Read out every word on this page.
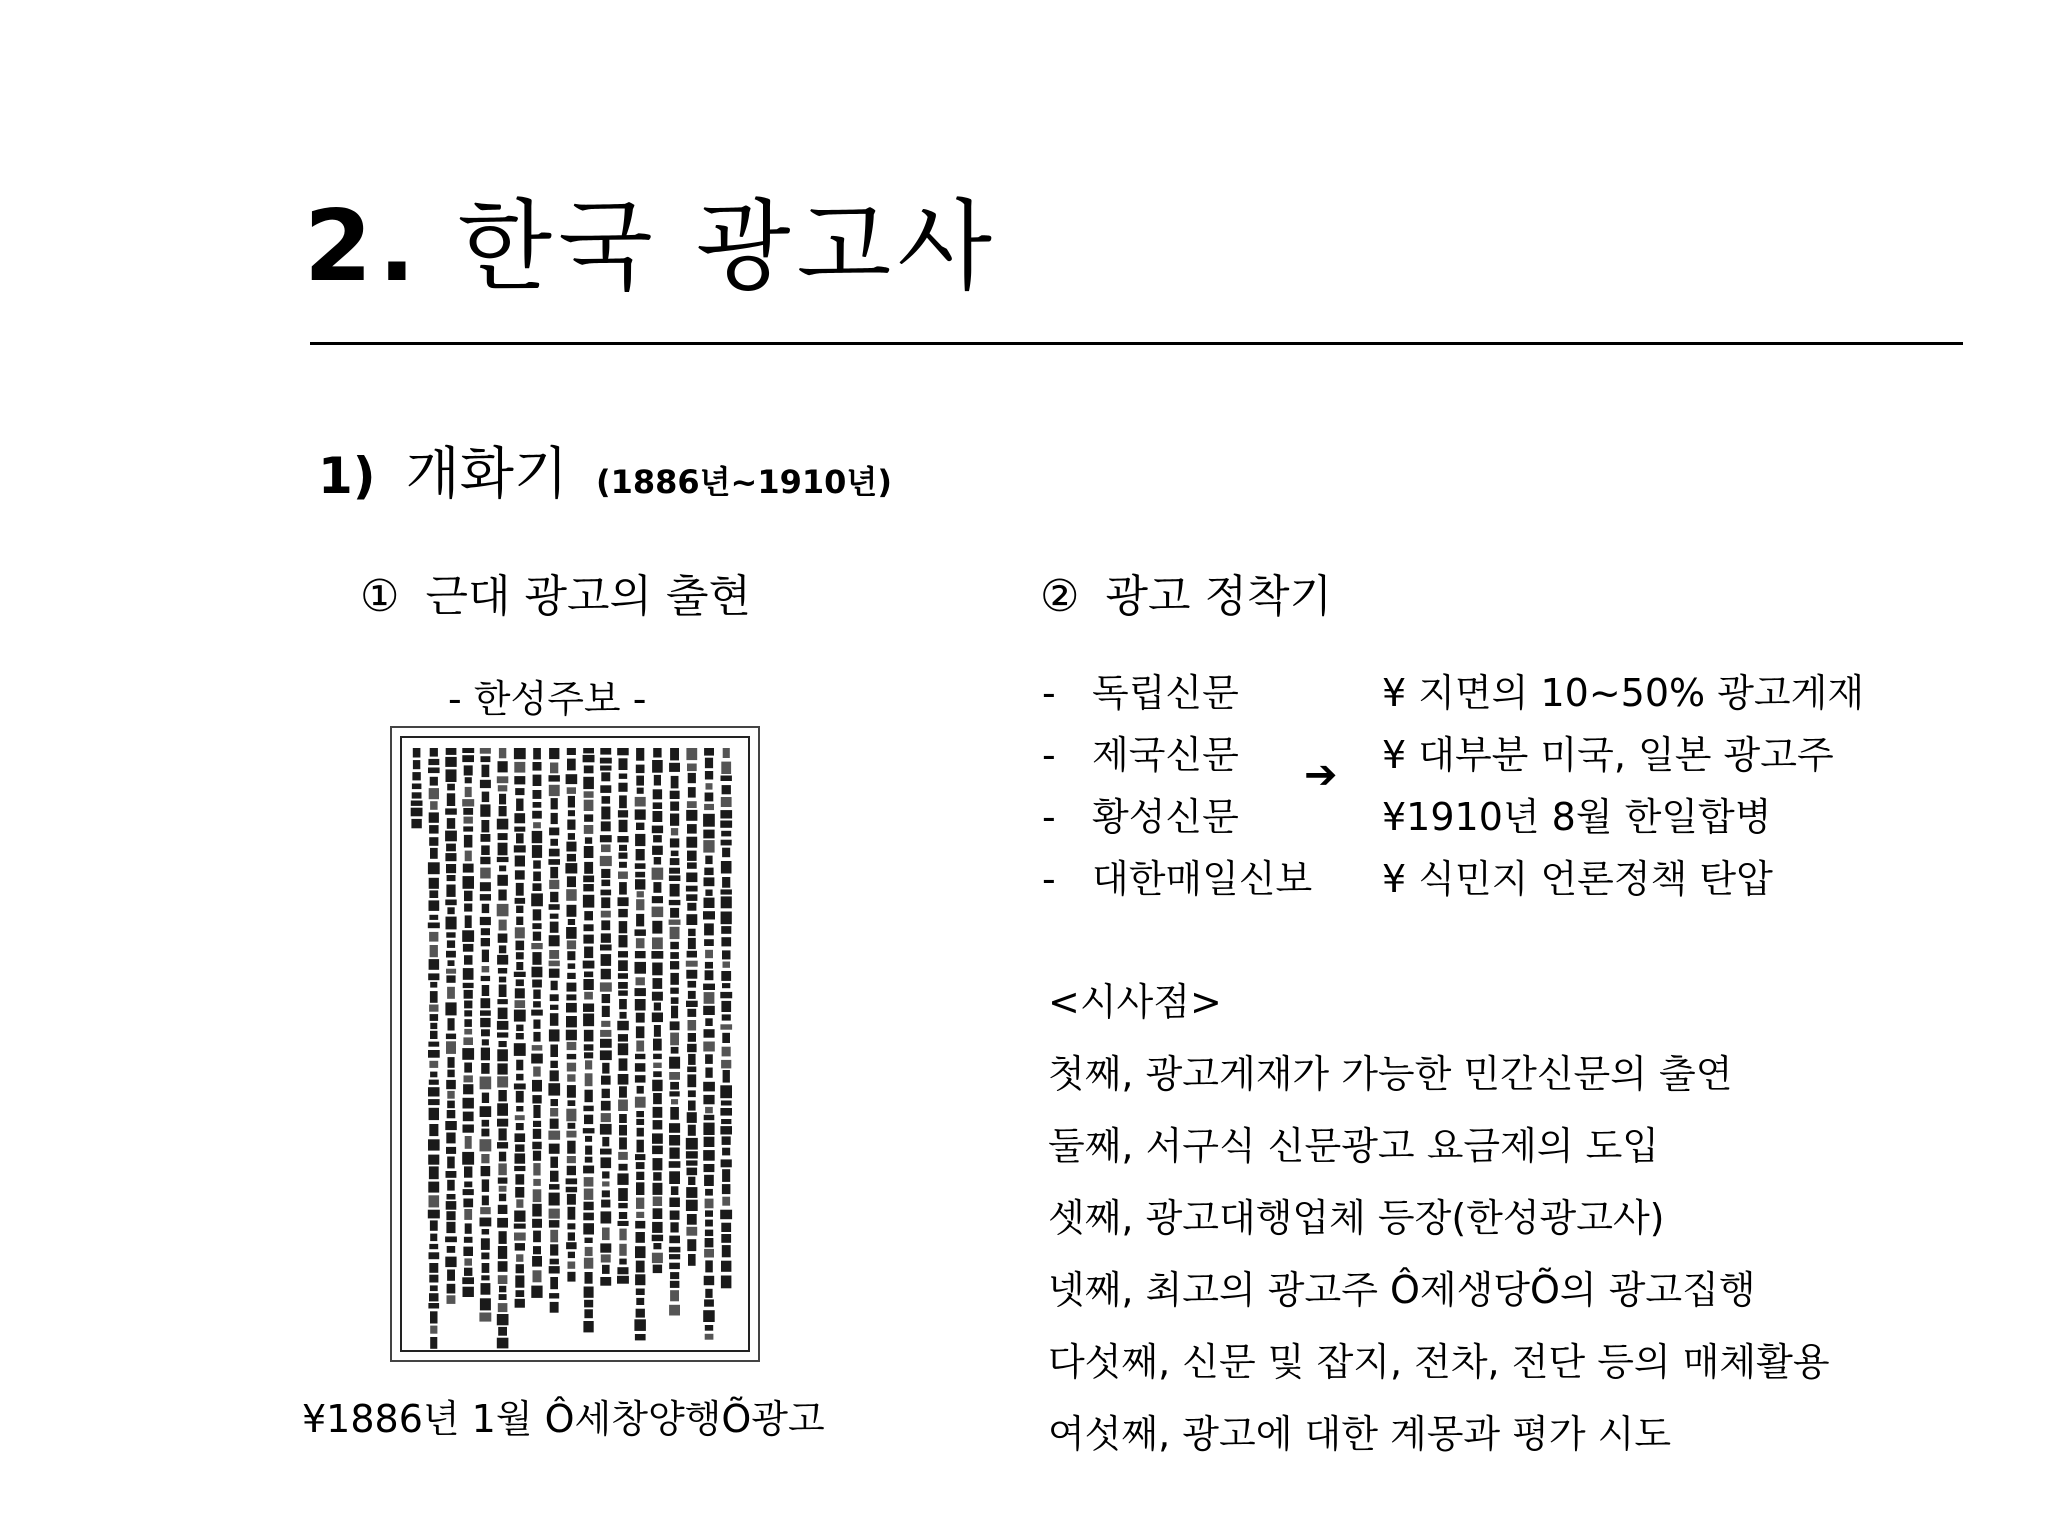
2. 한국 광고사
1) 개화기 (1886년~1910년)
① 근대 광고의 출현	② 광고 정착기
- 한성주보 -
¥1886년 1월 Ô세창양행Õ광고
- 독립신문
- 제국신문
- 황성신문
- 대한매일신보
➔
¥ 지면의 10~50% 광고게재
¥ 대부분 미국, 일본 광고주
¥1910년 8월 한일합병
¥ 식민지 언론정책 탄압
<시사점>
첫째, 광고게재가 가능한 민간신문의 출연
둘째, 서구식 신문광고 요금제의 도입
셋째, 광고대행업체 등장(한성광고사)
넷째, 최고의 광고주 Ô제생당Õ의 광고집행
다섯째, 신문 및 잡지, 전차, 전단 등의 매체활용
여섯째, 광고에 대한 계몽과 평가 시도
